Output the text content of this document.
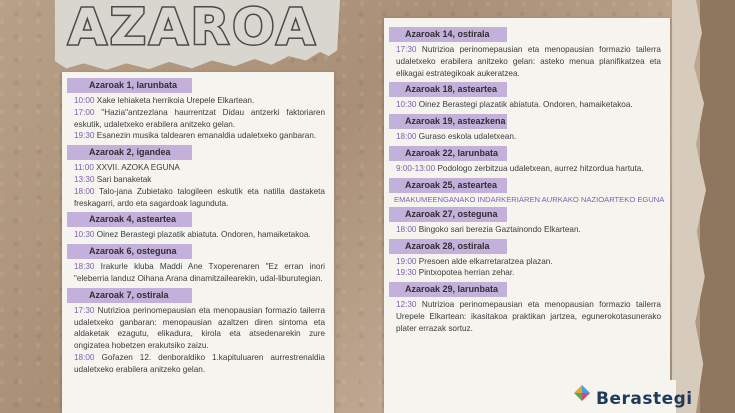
AZAROA
Azaroak 1, larunbata
10:00 Xake lehiaketa herrikoia Urepele Elkartean.
17:00 "Hazia"antzezlana haurrentzat Didau antzerki faktoriaren eskutik, udaletxeko erabilera anitzeko gelan.
19:30 Esanezin musika taldearen emanaldia udaletxeko ganbaran.
Azaroak 2, igandea
11:00 XXVII. AZOKA EGUNA
13:30 Sari banaketak
18:00 Talo-jana Zubietako talogileen eskutik eta natilla dastaketa freskagarri, ardo eta sagardoak lagunduta.
Azaroak 4, asteartea
10:30 Oinez Berastegi plazatik abiatuta. Ondoren, hamaiketakoa.
Azaroak 6, osteguna
18:30 Irakurle kluba Maddi Ane Txoperenaren "Ez erran inori "eleberria landuz Oihana Arana dinamitzailearekin, udal-liburutegian.
Azaroak 7, ostirala
17:30 Nutrizioa perinomepausian eta menopausian formazio tailerra udaletxeko ganbaran: menopausian azaltzen diren sintoma eta aldaketak ezagutu, elikadura, kirola eta atsedenarekin zure ongizatea hobetzen erakutsiko zaizu.
18:00 Gořazen 12. denboraldiko 1.kapituluaren aurrestrenaldia udaletxeko erabilera anitzeko gelan.
Azaroak 14, ostirala
17:30 Nutrizioa perinomepausian eta menopausian formazio tailerra udaletxeko erabilera anitzeko gelan: asteko menua planifikatzea eta elikagai estrategikoak aukeratzea.
Azaroak 18, asteartea
10:30 Oinez Berastegi plazatik abiatuta. Ondoren, hamaiketakoa.
Azaroak 19, asteazkena
18:00 Guraso eskola udaletxean.
Azaroak 22, larunbata
9:00-13:00 Podologo zerbitzua udaletxean, aurrez hitzordua hartuta.
Azaroak 25, asteartea
EMAKUMEENGANAKO INDARKERIAREN AURKAKO NAZIOARTEKO EGUNA
Azaroak 27, osteguna
18:00 Bingoko sari berezia Gaztainondo Elkartean.
Azaroak 28, ostirala
19:00 Presoen alde elkarretaratzea plazan.
19:30 Pintxopotea herrian zehar.
Azaroak 29, larunbata
12:30 Nutrizioa perinomepausian eta menopausian formazio tailerra Urepele Elkartean: ikasitakoa praktikan jartzea, egunerokotasunerako plater errazak sortuz.
Berastegi
